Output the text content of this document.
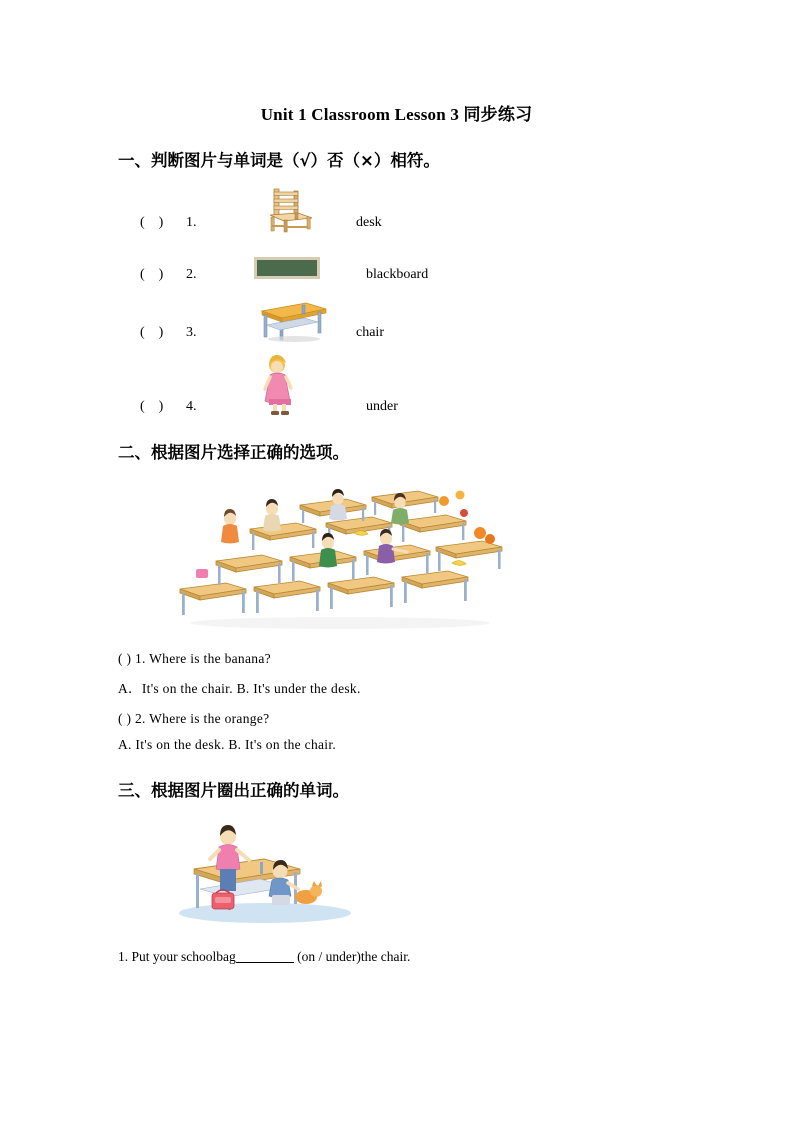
Unit 1 Classroom Lesson 3 同步练习
一、判断图片与单词是（√）否（×）相符。
(    )	1.	desk
(    )	2.	blackboard
(    )	3.	chair
(    )	4.	under
二、根据图片选择正确的选项。
( ) 1. Where is the banana?
A．It's on the chair. B. It's under the desk.
( ) 2. Where is the orange?
A. It's on the desk. B. It's on the chair.
三、根据图片圈出正确的单词。
1. Put your schoolbag	(on / under)the chair.
